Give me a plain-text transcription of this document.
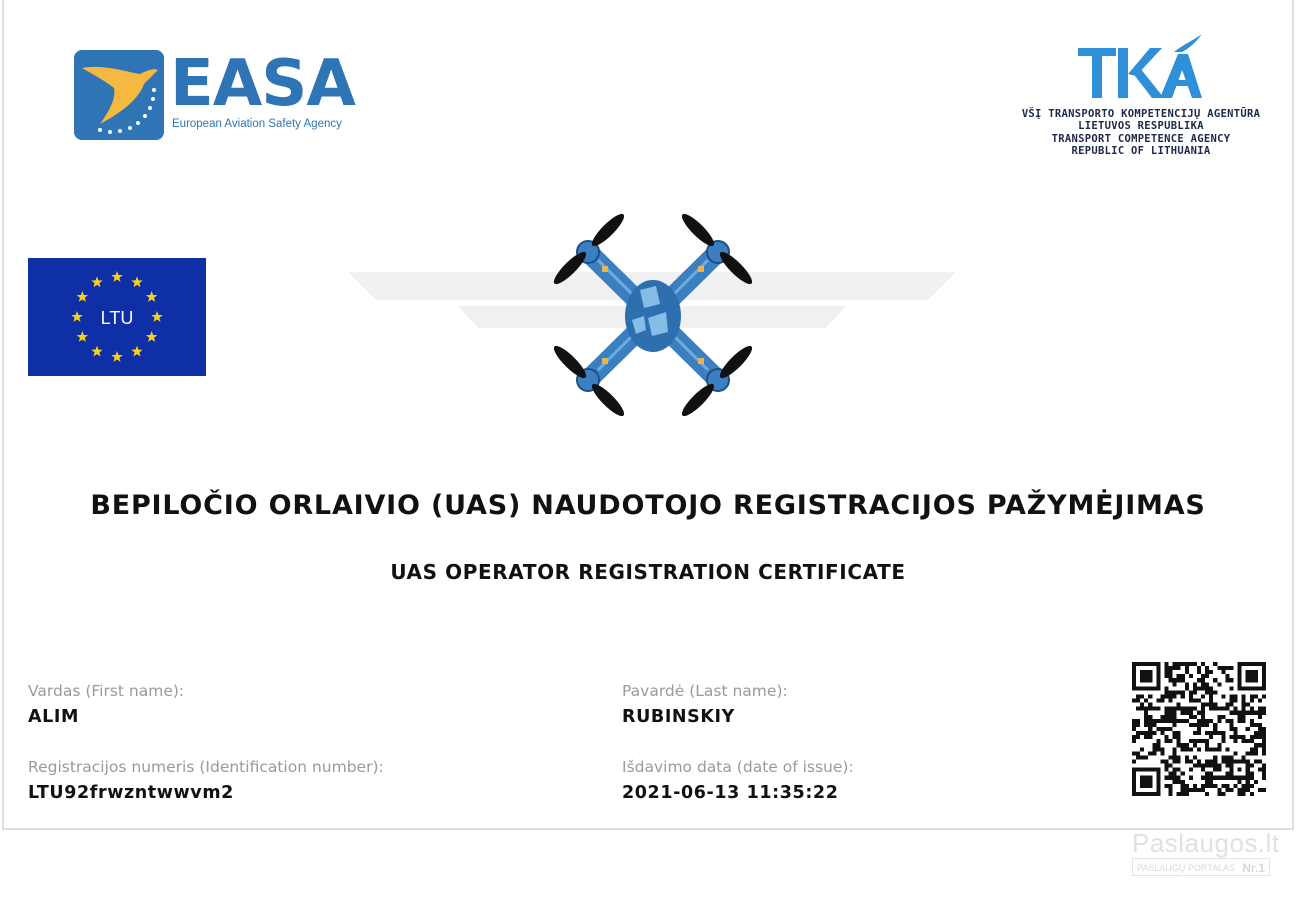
EASA
European Aviation Safety Agency
VŠĮ TRANSPORTO KOMPETENCIJŲ AGENTŪRA
LIETUVOS RESPUBLIKA
TRANSPORT COMPETENCE AGENCY
REPUBLIC OF LITHUANIA
LTU
BEPILOČIO ORLAIVIO (UAS) NAUDOTOJO REGISTRACIJOS PAŽYMĖJIMAS
UAS OPERATOR REGISTRATION CERTIFICATE
Vardas (First name):
ALIM
Pavardė (Last name):
RUBINSKIY
Registracijos numeris (Identification number):
LTU92frwzntwwvm2
Išdavimo data (date of issue):
2021-06-13 11:35:22
Paslaugos.lt
PASLAUGŲ PORTALAS Nr.1
